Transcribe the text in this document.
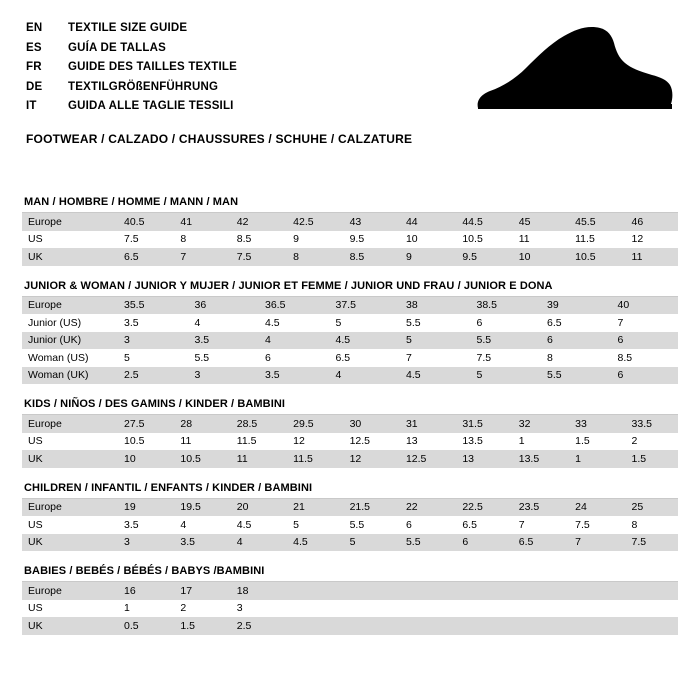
EN	TEXTILE SIZE GUIDE
ES	GUÍA DE TALLAS
FR	GUIDE DES TAILLES TEXTILE
DE	TEXTILGRÖßENFÜHRUNG
IT	GUIDA ALLE TAGLIE TESSILI
FOOTWEAR / CALZADO / CHAUSSURES / SCHUHE / CALZATURE
MAN / HOMBRE / HOMME / MANN / MAN
Europe	40.5	41	42	42.5	43	44	44.5	45	45.5	46
US	7.5	8	8.5	9	9.5	10	10.5	11	11.5	12
UK	6.5	7	7.5	8	8.5	9	9.5	10	10.5	11
JUNIOR & WOMAN / JUNIOR Y MUJER / JUNIOR ET FEMME / JUNIOR UND FRAU / JUNIOR E DONA
Europe	35.5	36	36.5	37.5	38	38.5	39	40
Junior (US)	3.5	4	4.5	5	5.5	6	6.5	7
Junior (UK)	3	3.5	4	4.5	5	5.5	6	6
Woman (US)	5	5.5	6	6.5	7	7.5	8	8.5
Woman (UK)	2.5	3	3.5	4	4.5	5	5.5	6
KIDS / NIÑOS / DES GAMINS / KINDER / BAMBINI
Europe	27.5	28	28.5	29.5	30	31	31.5	32	33	33.5
US	10.5	11	11.5	12	12.5	13	13.5	1	1.5	2
UK	10	10.5	11	11.5	12	12.5	13	13.5	1	1.5
CHILDREN / INFANTIL / ENFANTS / KINDER / BAMBINI
Europe	19	19.5	20	21	21.5	22	22.5	23.5	24	25
US	3.5	4	4.5	5	5.5	6	6.5	7	7.5	8
UK	3	3.5	4	4.5	5	5.5	6	6.5	7	7.5
BABIES / BEBÉS / BÉBÉS / BABYS /BAMBINI
Europe	16	17	18							
US	1	2	3							
UK	0.5	1.5	2.5							
